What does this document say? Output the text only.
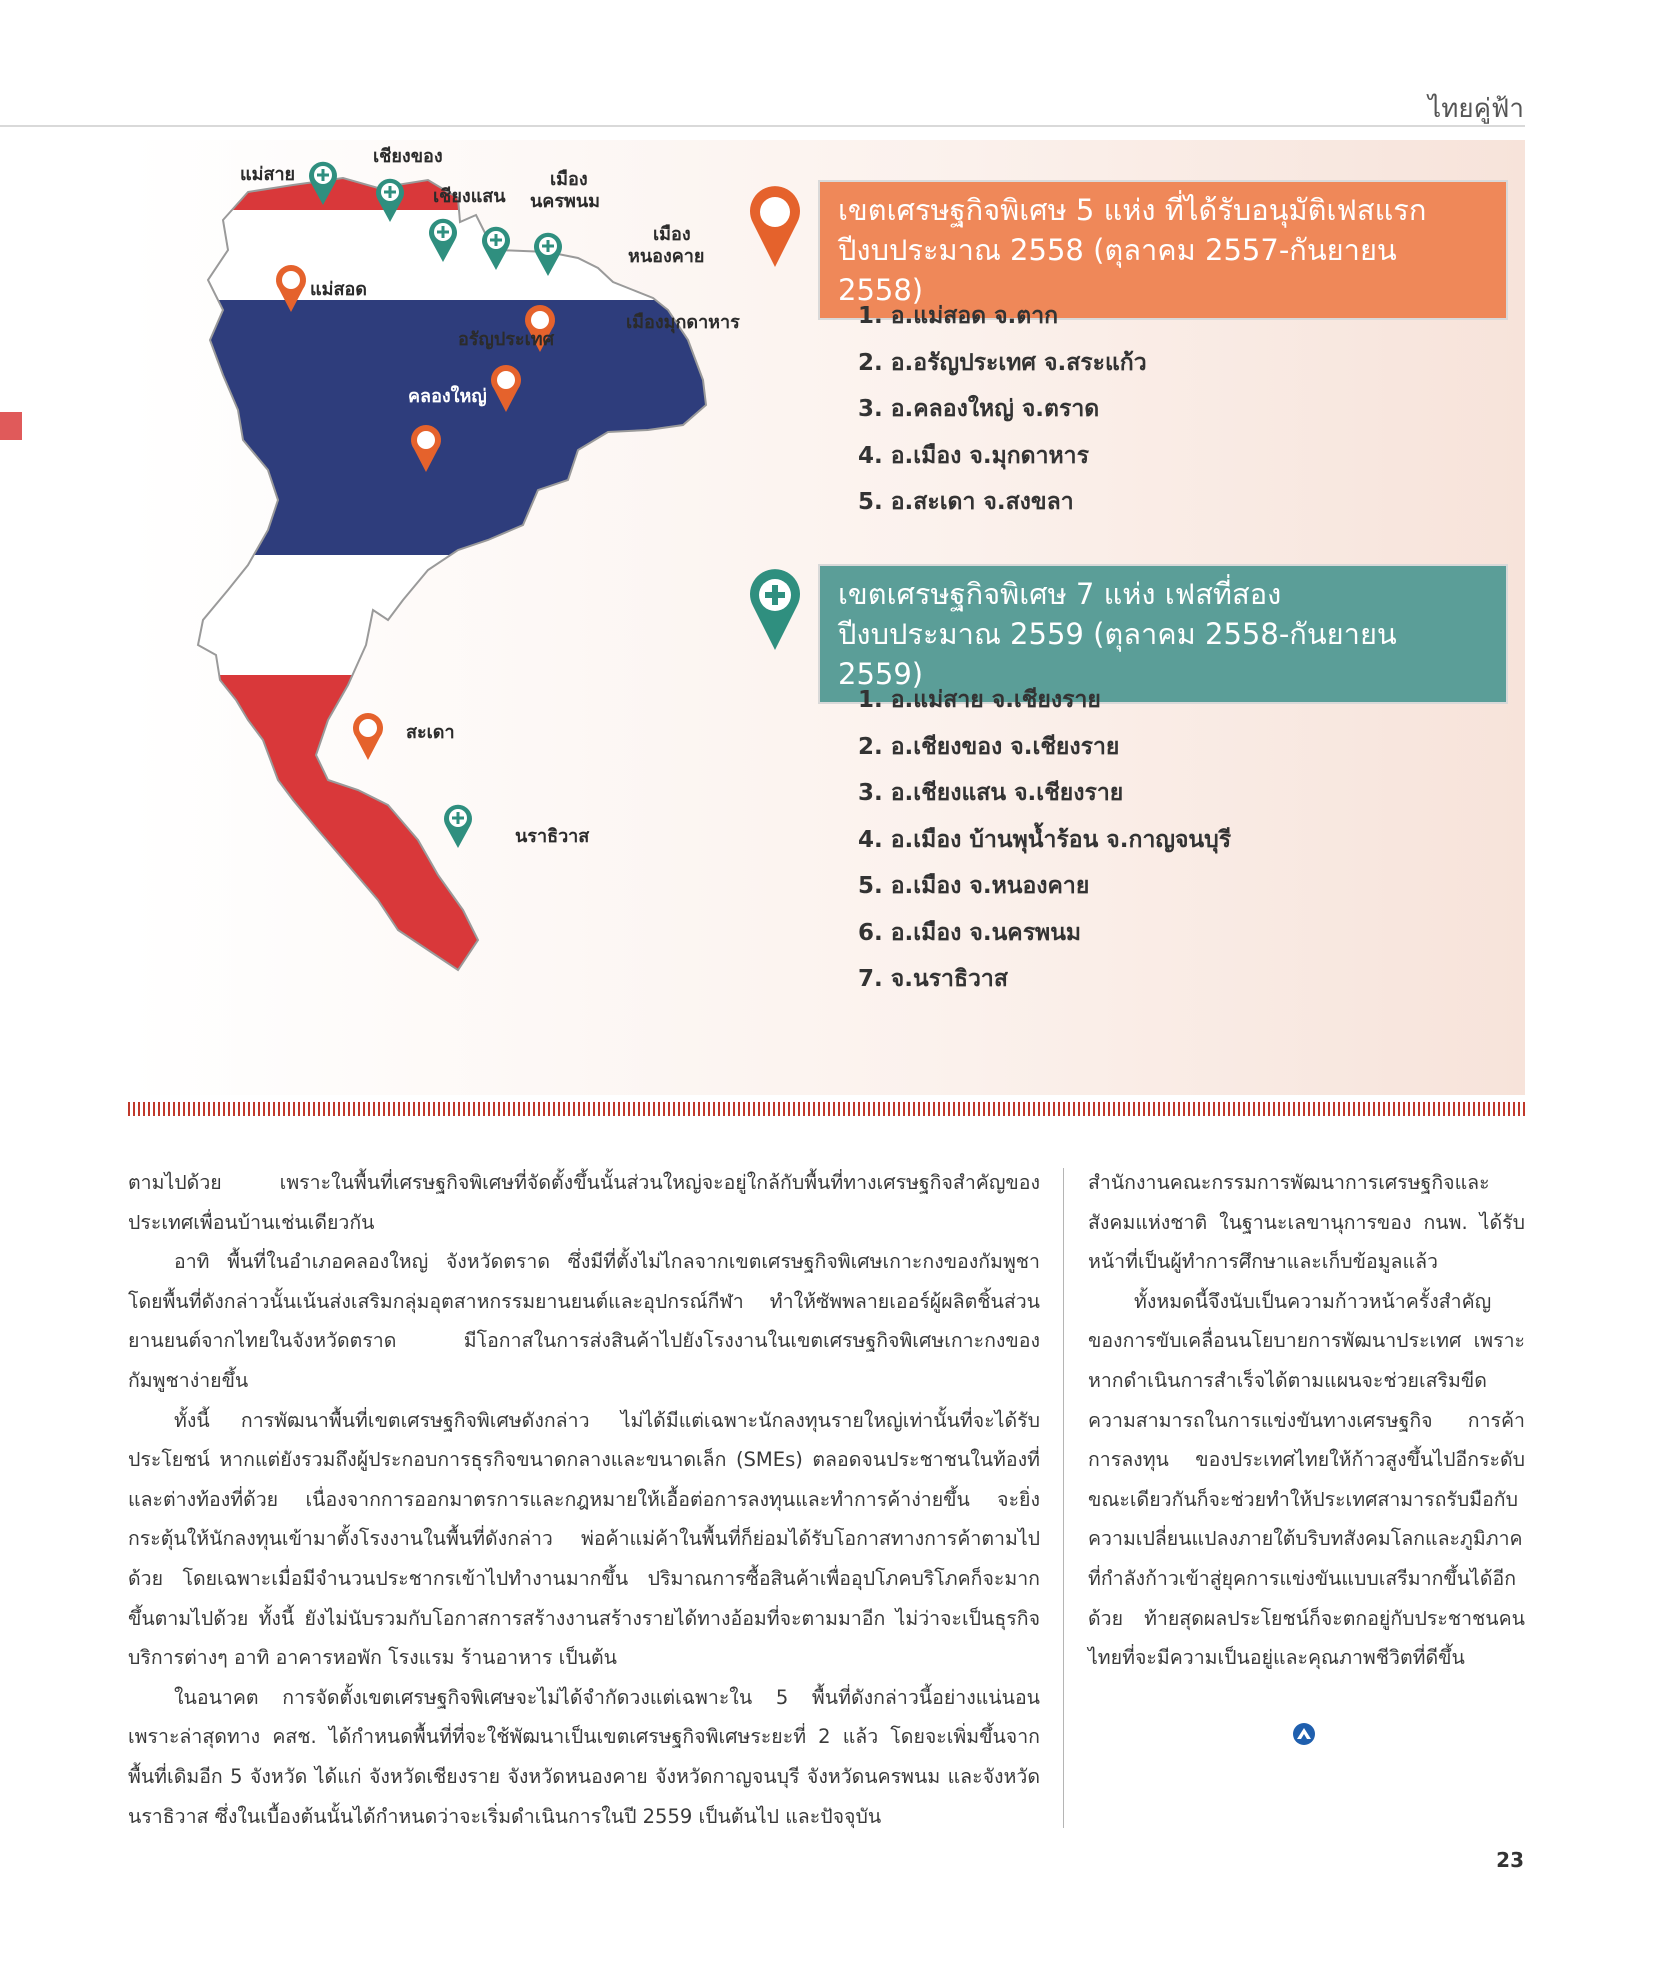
ไทยคู่ฟ้า
แม่สาย
เชียงของ
เชียงแสน
เมือง
นครพนม
เมือง
หนองคาย
แม่สอด
เมืองมุกดาหาร
อรัญประเทศ
คลองใหญ่
สะเดา
นราธิวาส
เขตเศรษฐกิจพิเศษ 5 แห่ง ที่ได้รับอนุมัติเฟสแรก
ปีงบประมาณ 2558 (ตุลาคม 2557-กันยายน 2558)
1. อ.แม่สอด จ.ตาก
2. อ.อรัญประเทศ จ.สระแก้ว
3. อ.คลองใหญ่ จ.ตราด
4. อ.เมือง จ.มุกดาหาร
5. อ.สะเดา จ.สงขลา
เขตเศรษฐกิจพิเศษ 7 แห่ง เฟสที่สอง
ปีงบประมาณ 2559 (ตุลาคม 2558-กันยายน 2559)
1. อ.แม่สาย จ.เชียงราย
2. อ.เชียงของ จ.เชียงราย
3. อ.เชียงแสน จ.เชียงราย
4. อ.เมือง บ้านพุน้ำร้อน จ.กาญจนบุรี
5. อ.เมือง จ.หนองคาย
6. อ.เมือง จ.นครพนม
7. จ.นราธิวาส

ตามไปด้วย เพราะในพื้นที่เศรษฐกิจพิเศษที่จัดตั้งขึ้นนั้นส่วนใหญ่จะอยู่ใกล้กับพื้นที่ทางเศรษฐกิจสำคัญของประเทศเพื่อนบ้านเช่นเดียวกัน

อาทิ พื้นที่ในอำเภอคลองใหญ่ จังหวัดตราด ซึ่งมีที่ตั้งไม่ไกลจากเขตเศรษฐกิจพิเศษเกาะกงของกัมพูชา โดยพื้นที่ดังกล่าวนั้นเน้นส่งเสริมกลุ่มอุตสาหกรรมยานยนต์และอุปกรณ์กีฬา ทำให้ซัพพลายเออร์ผู้ผลิตชิ้นส่วนยานยนต์จากไทยในจังหวัดตราด มีโอกาสในการส่งสินค้าไปยังโรงงานในเขตเศรษฐกิจพิเศษเกาะกงของกัมพูชาง่ายขึ้น

ทั้งนี้ การพัฒนาพื้นที่เขตเศรษฐกิจพิเศษดังกล่าว ไม่ได้มีแต่เฉพาะนักลงทุนรายใหญ่เท่านั้นที่จะได้รับประโยชน์ หากแต่ยังรวมถึงผู้ประกอบการธุรกิจขนาดกลางและขนาดเล็ก (SMEs) ตลอดจนประชาชนในท้องที่และต่างท้องที่ด้วย เนื่องจากการออกมาตรการและกฎหมายให้เอื้อต่อการลงทุนและทำการค้าง่ายขึ้น จะยิ่งกระตุ้นให้นักลงทุนเข้ามาตั้งโรงงานในพื้นที่ดังกล่าว พ่อค้าแม่ค้าในพื้นที่ก็ย่อมได้รับโอกาสทางการค้าตามไปด้วย โดยเฉพาะเมื่อมีจำนวนประชากรเข้าไปทำงานมากขึ้น ปริมาณการซื้อสินค้าเพื่ออุปโภคบริโภคก็จะมากขึ้นตามไปด้วย ทั้งนี้ ยังไม่นับรวมกับโอกาสการสร้างงานสร้างรายได้ทางอ้อมที่จะตามมาอีก ไม่ว่าจะเป็นธุรกิจบริการต่างๆ อาทิ อาคารหอพัก โรงแรม ร้านอาหาร เป็นต้น

ในอนาคต การจัดตั้งเขตเศรษฐกิจพิเศษจะไม่ได้จำกัดวงแต่เฉพาะใน 5 พื้นที่ดังกล่าวนี้อย่างแน่นอน เพราะล่าสุดทาง คสช. ได้กำหนดพื้นที่ที่จะใช้พัฒนาเป็นเขตเศรษฐกิจพิเศษระยะที่ 2 แล้ว โดยจะเพิ่มขึ้นจากพื้นที่เดิมอีก 5 จังหวัด ได้แก่ จังหวัดเชียงราย จังหวัดหนองคาย จังหวัดกาญจนบุรี จังหวัดนครพนม และจังหวัดนราธิวาส ซึ่งในเบื้องต้นนั้นได้กำหนดว่าจะเริ่มดำเนินการในปี 2559 เป็นต้นไป และปัจจุบัน

สำนักงานคณะกรรมการพัฒนาการเศรษฐกิจและสังคมแห่งชาติ ในฐานะเลขานุการของ กนพ. ได้รับหน้าที่เป็นผู้ทำการศึกษาและเก็บข้อมูลแล้ว

ทั้งหมดนี้จึงนับเป็นความก้าวหน้าครั้งสำคัญของการขับเคลื่อนนโยบายการพัฒนาประเทศ เพราะหากดำเนินการสำเร็จได้ตามแผนจะช่วยเสริมขีดความสามารถในการแข่งขันทางเศรษฐกิจ การค้า การลงทุน ของประเทศไทยให้ก้าวสูงขึ้นไปอีกระดับ ขณะเดียวกันก็จะช่วยทำให้ประเทศสามารถรับมือกับความเปลี่ยนแปลงภายใต้บริบทสังคมโลกและภูมิภาคที่กำลังก้าวเข้าสู่ยุคการแข่งขันแบบเสรีมากขึ้นได้อีกด้วย ท้ายสุดผลประโยชน์ก็จะตกอยู่กับประชาชนคนไทยที่จะมีความเป็นอยู่และคุณภาพชีวิตที่ดีขึ้น

23
